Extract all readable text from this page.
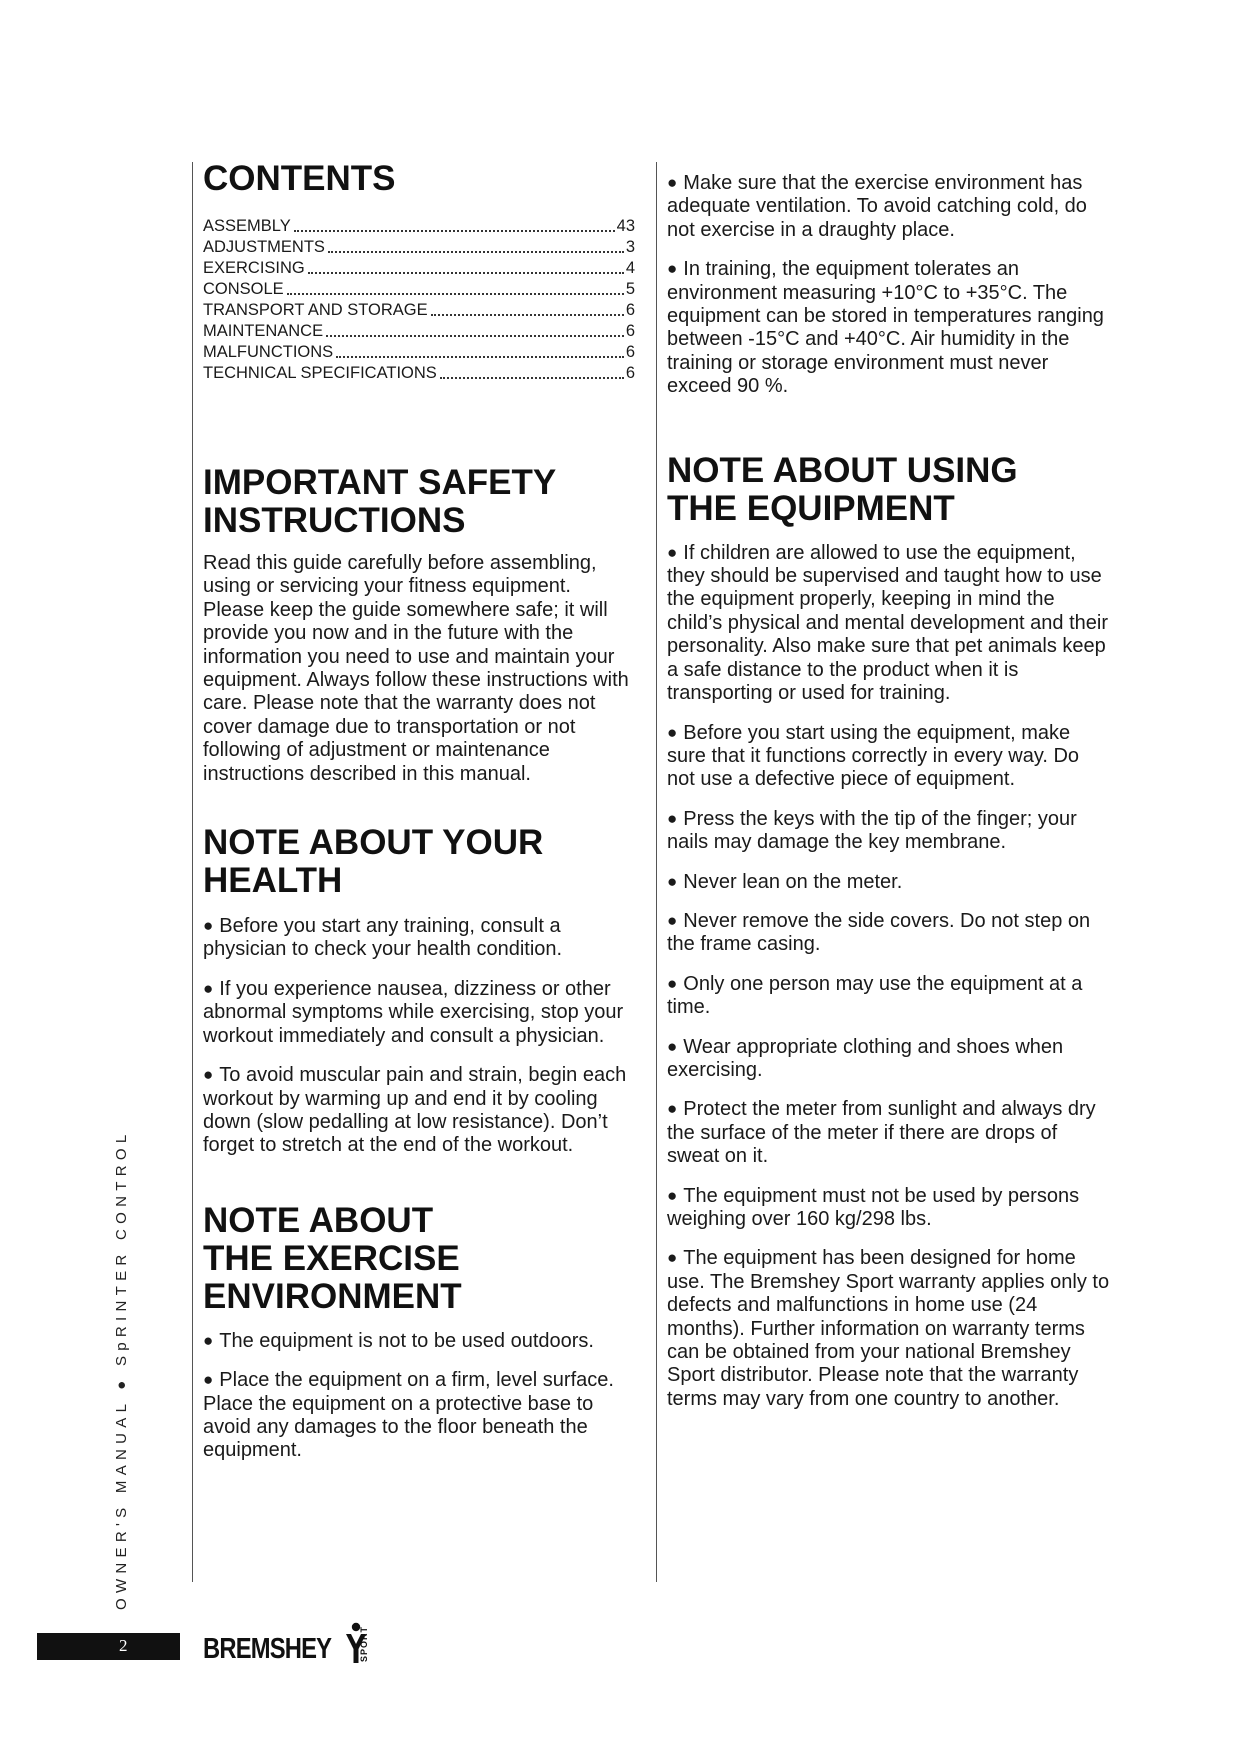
CONTENTS
ASSEMBLY	43
ADJUSTMENTS	3
EXERCISING	4
CONSOLE	5
TRANSPORT AND STORAGE	6
MAINTENANCE	6
MALFUNCTIONS	6
TECHNICAL SPECIFICATIONS	6
IMPORTANT SAFETY
INSTRUCTIONS

Read this guide carefully before assembling, using or servicing your fitness equipment. Please keep the guide somewhere safe; it will provide you now and in the future with the information you need to use and maintain your equipment. Always follow these instructions with care. Please note that the warranty does not cover damage due to transportation or not following of adjustment or maintenance instructions described in this manual.

NOTE ABOUT YOUR
HEALTH

● Before you start any training, consult a physician to check your health condition.

● If you experience nausea, dizziness or other abnormal symptoms while exercising, stop your workout immediately and consult a physician.

● To avoid muscular pain and strain, begin each workout by warming up and end it by cooling down (slow pedalling at low resistance). Don’t forget to stretch at the end of the workout.

NOTE ABOUT
THE EXERCISE
ENVIRONMENT

● The equipment is not to be used outdoors.

● Place the equipment on a firm, level surface. Place the equipment on a protective base to avoid any damages to the floor beneath the equipment.

● Make sure that the exercise environment has adequate ventilation. To avoid catching cold, do not exercise in a draughty place.

● In training, the equipment tolerates an environment measuring +10°C to +35°C. The equipment can be stored in temperatures ranging between -15°C and +40°C. Air humidity in the training or storage environment must never exceed 90 %.

NOTE ABOUT USING
THE EQUIPMENT

● If children are allowed to use the equipment, they should be supervised and taught how to use the equipment properly, keeping in mind the child’s physical and mental development and their personality. Also make sure that pet animals keep a safe distance to the product when it is transporting or used for training.

● Before you start using the equipment, make sure that it functions correctly in every way. Do not use a defective piece of equipment.

● Press the keys with the tip of the finger; your nails may damage the key membrane.

● Never lean on the meter.

● Never remove the side covers. Do not step on the frame casing.

● Only one person may use the equipment at a time.

● Wear appropriate clothing and shoes when exercising.

● Protect the meter from sunlight and always dry the surface of the meter if there are drops of sweat on it.

● The equipment must not be used by persons weighing over 160 kg/298 lbs.

● The equipment has been designed for home use. The Bremshey Sport warranty applies only to defects and malfunctions in home use (24 months). Further information on warranty terms can be obtained from your national Bremshey Sport distributor. Please note that the warranty terms may vary from one country to another.

OWNER'S MANUAL ● SpRINTER CONTROL
2	BREMSHEY	SPORT
